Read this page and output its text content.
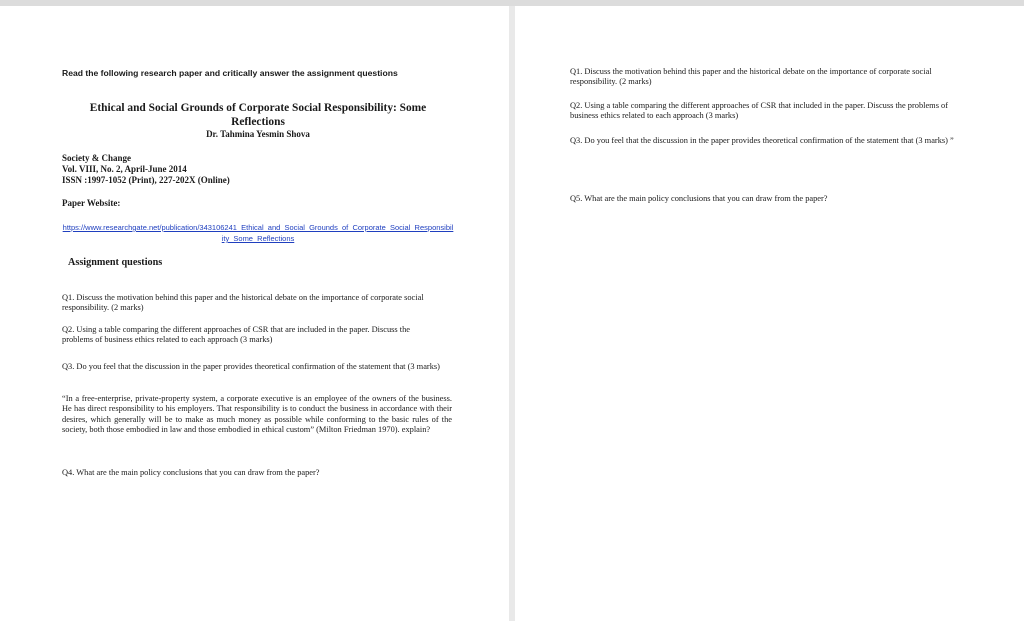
Read the following research paper and critically answer the assignment questions

Ethical and Social Grounds of Corporate Social Responsibility: Some Reflections

Dr. Tahmina Yesmin Shova

Society & Change
Vol. VIII, No. 2, April-June 2014
ISSN :1997-1052 (Print), 227-202X (Online)

Paper Website:

https://www.researchgate.net/publication/343106241_Ethical_and_Social_Grounds_of_Corporate_Social_Responsibility_Some_Reflections

Assignment questions

Q1. Discuss the motivation behind this paper and the historical debate on the importance of corporate social responsibility. (2 marks)

Q2. Using a table comparing the different approaches of CSR that are included in the paper. Discuss the problems of business ethics related to each approach (3 marks)

Q3. Do you feel that the discussion in the paper provides theoretical confirmation of the statement that (3 marks)

“In a free-enterprise, private-property system, a corporate executive is an employee of the owners of the business. He has direct responsibility to his employers. That responsibility is to conduct the business in accordance with their desires, which generally will be to make as much money as possible while conforming to the basic rules of the society, both those embodied in law and those embodied in ethical custom” (Milton Friedman 1970). explain?

Q4. What are the main policy conclusions that you can draw from the paper?

Q1. Discuss the motivation behind this paper and the historical debate on the importance of corporate social responsibility. (2 marks)

Q2. Using a table comparing the different approaches of CSR that included in the paper. Discuss the problems of business ethics related to each approach (3 marks)

Q3. Do you feel that the discussion in the paper provides theoretical confirmation of the statement that (3 marks) ”

Q5. What are the main policy conclusions that you can draw from the paper?
